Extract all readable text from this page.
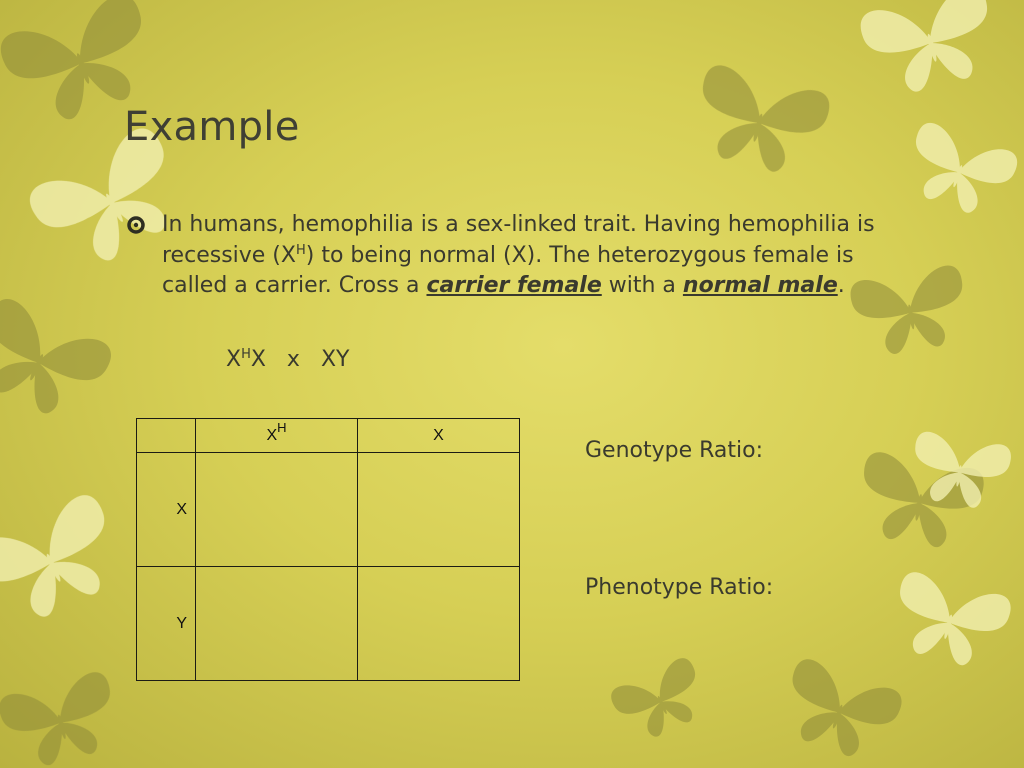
Example
In humans, hemophilia is a sex-linked trait. Having hemophilia is recessive $(X^H)$ to being normal (X). The heterozygous female is called a carrier. Cross a carrier female with a normal male.
$X^HX$ x XY
	$X^H$	X
X		
Y		
Genotype Ratio:
Phenotype Ratio:
